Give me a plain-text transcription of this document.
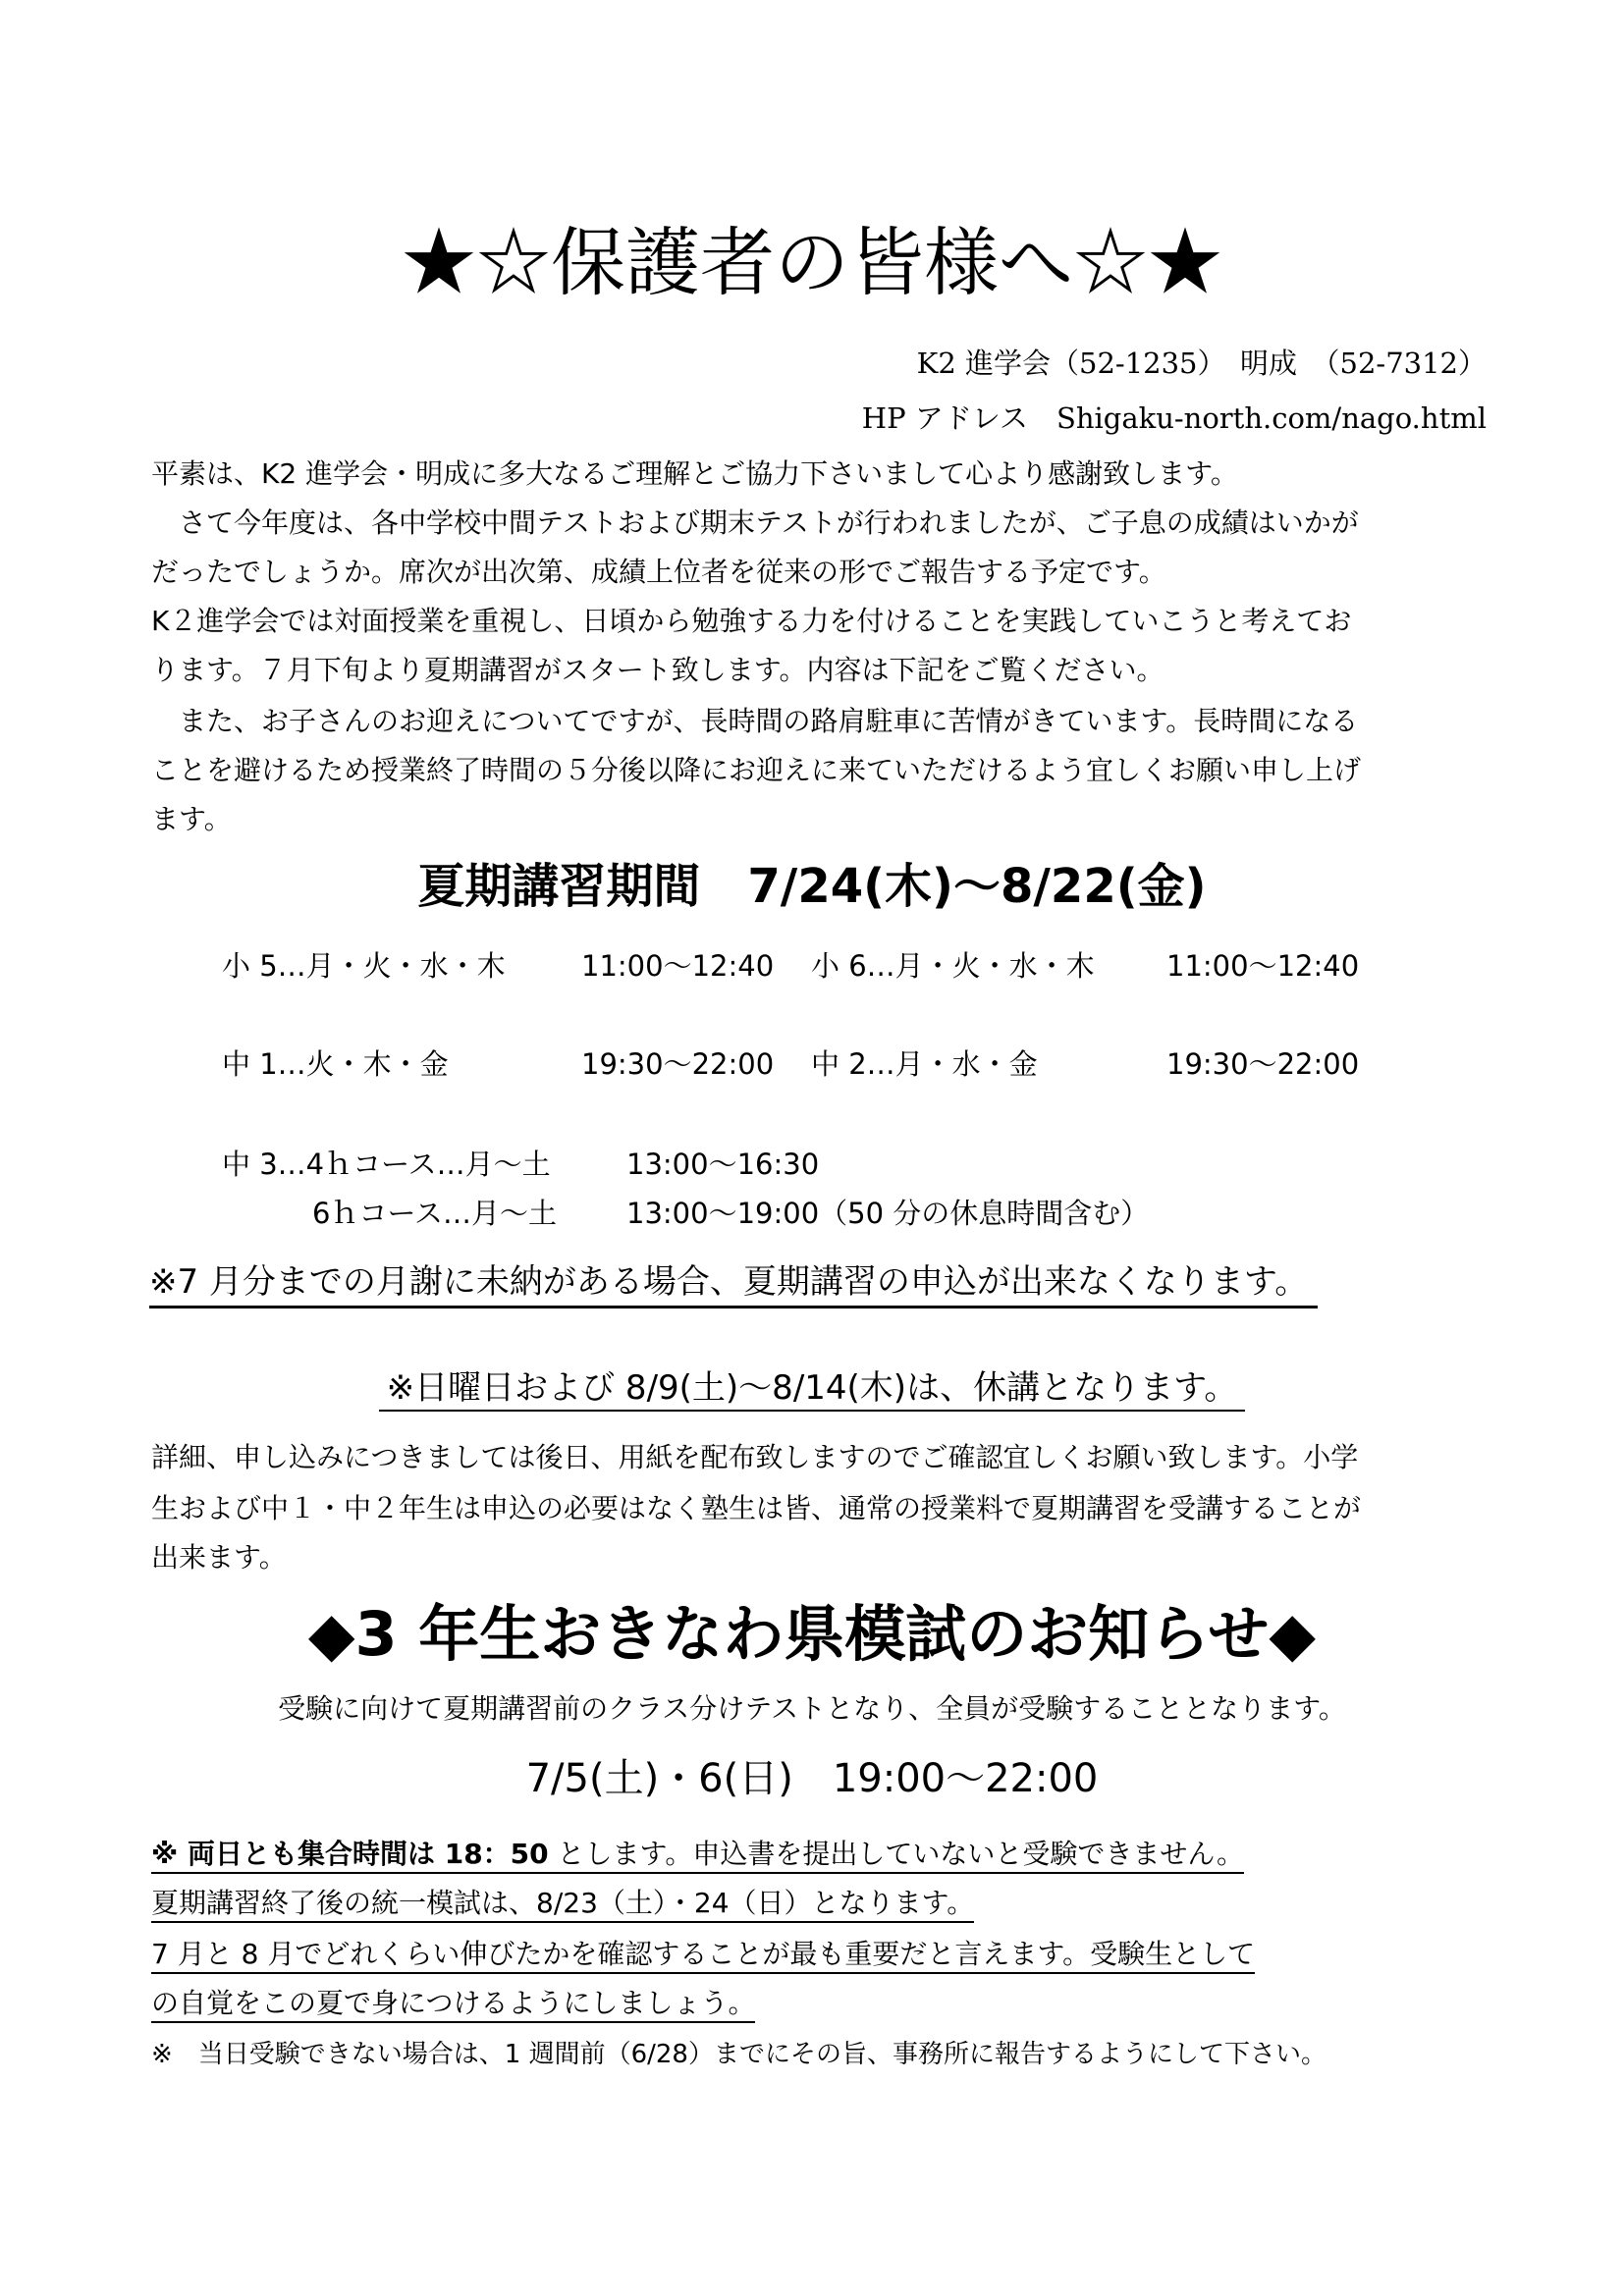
★☆保護者の皆様へ☆★
K2 進学会（52-1235）　明成　（52-7312）
HP アドレス　Shigaku-north.com/nago.html
平素は、K2 進学会・明成に多大なるご理解とご協力下さいまして心より感謝致します。
　さて今年度は、各中学校中間テストおよび期末テストが行われましたが、ご子息の成績はいかが
だったでしょうか。席次が出次第、成績上位者を従来の形でご報告する予定です。
K２進学会では対面授業を重視し、日頃から勉強する力を付けることを実践していこうと考えてお
ります。７月下旬より夏期講習がスタート致します。内容は下記をご覧ください。
　また、お子さんのお迎えについてですが、長時間の路肩駐車に苦情がきています。長時間になる
ことを避けるため授業終了時間の５分後以降にお迎えに来ていただけるよう宜しくお願い申し上げ
ます。
夏期講習期間　7/24(木)～8/22(金)
小 5…月・火・水・木	11:00～12:40 小 6…月・火・水・木	11:00～12:40
中 1…火・木・金	19:30～22:00 中 2…月・水・金	19:30～22:00
中 3…4ｈコース…月～土	13:00～16:30
6ｈコース…月～土 13:00～19:00（50 分の休息時間含む）
※7 月分までの月謝に未納がある場合、夏期講習の申込が出来なくなります。
※日曜日および 8/9(土)～8/14(木)は、休講となります。
詳細、申し込みにつきましては後日、用紙を配布致しますのでご確認宜しくお願い致します。小学
生および中１・中２年生は申込の必要はなく塾生は皆、通常の授業料で夏期講習を受講することが
出来ます。
◆3 年生おきなわ県模試のお知らせ◆
受験に向けて夏期講習前のクラス分けテストとなり、全員が受験することとなります。
7/5(土)・6(日)　19:00～22:00
※ 両日とも集合時間は 18：50 とします。申込書を提出していないと受験できません。
夏期講習終了後の統一模試は、8/23（土）・24（日）となります。
7 月と 8 月でどれくらい伸びたかを確認することが最も重要だと言えます。受験生として
の自覚をこの夏で身につけるようにしましょう。
※　当日受験できない場合は、1 週間前（6/28）までにその旨、事務所に報告するようにして下さい。
